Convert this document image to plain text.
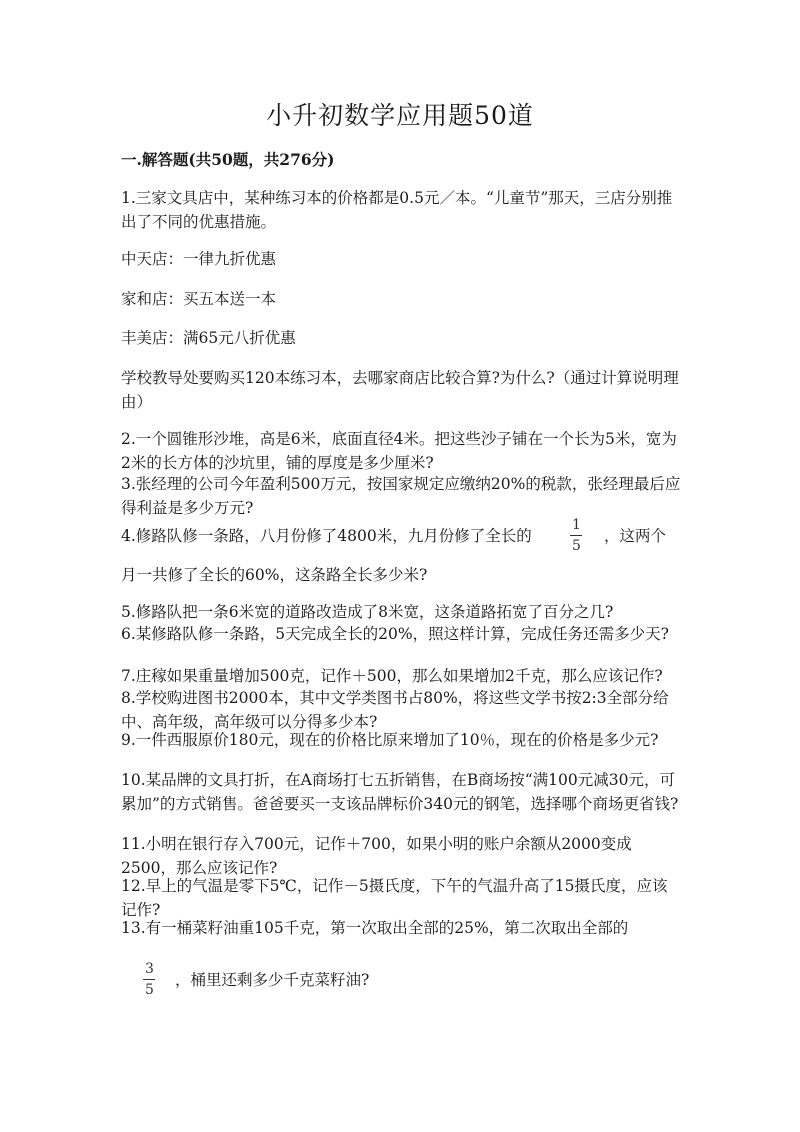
小升初数学应用题50道
一.解答题(共50题，共276分)
1.三家文具店中，某种练习本的价格都是0.5元／本。“儿童节”那天，三店分别推出了不同的优惠措施。
中天店：一律九折优惠
家和店：买五本送一本
丰美店：满65元八折优惠
学校教导处要购买120本练习本，去哪家商店比较合算?为什么?（通过计算说明理由）
2.一个圆锥形沙堆，高是6米，底面直径4米。把这些沙子铺在一个长为5米，宽为2米的长方体的沙坑里，铺的厚度是多少厘米?
3.张经理的公司今年盈利500万元，按国家规定应缴纳20%的税款，张经理最后应得利益是多少万元?
4.修路队修一条路，八月份修了4800米，九月份修了全长的
1
5
，这两个
月一共修了全长的60%，这条路全长多少米?
5.修路队把一条6米宽的道路改造成了8米宽，这条道路拓宽了百分之几?
6.某修路队修一条路，5天完成全长的20%，照这样计算，完成任务还需多少天?
7.庄稼如果重量增加500克，记作＋500，那么如果增加2千克，那么应该记作?
8.学校购进图书2000本，其中文学类图书占80%，将这些文学书按2:3全部分给中、高年级，高年级可以分得多少本?
9.一件西服原价180元，现在的价格比原来增加了10％，现在的价格是多少元?
10.某品牌的文具打折，在A商场打七五折销售，在B商场按“满100元减30元，可累加”的方式销售。爸爸要买一支该品牌标价340元的钢笔，选择哪个商场更省钱?
11.小明在银行存入700元，记作＋700，如果小明的账户余额从2000变成2500，那么应该记作?
12.早上的气温是零下5℃，记作－5摄氏度，下午的气温升高了15摄氏度，应该记作?
13.有一桶菜籽油重105千克，第一次取出全部的25%，第二次取出全部的
3
5
，桶里还剩多少千克菜籽油?
